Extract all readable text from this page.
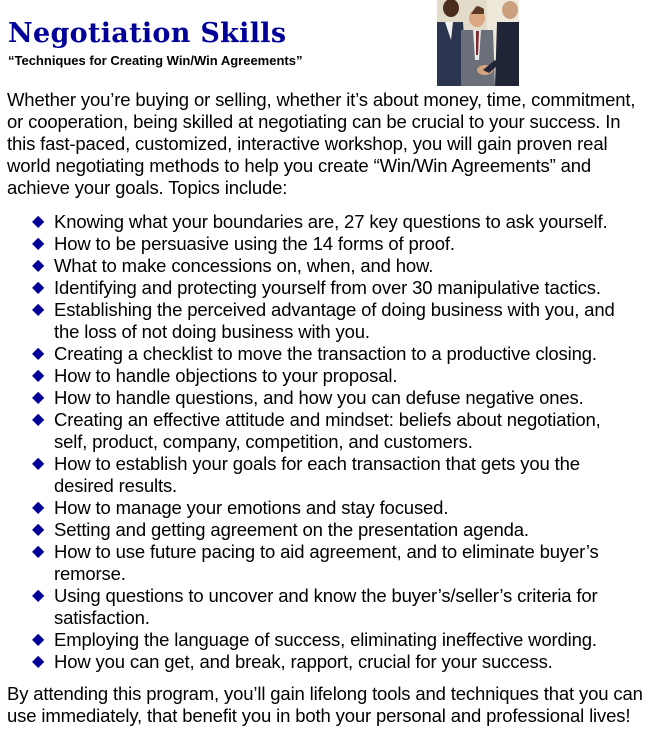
Negotiation Skills

“Techniques for Creating Win/Win Agreements”

Whether you’re buying or selling, whether it’s about money, time, commitment, or cooperation, being skilled at negotiating can be crucial to your success. In this fast-paced, customized, interactive workshop, you will gain proven real world negotiating methods to help you create “Win/Win Agreements” and achieve your goals. Topics include:

◆ Knowing what your boundaries are, 27 key questions to ask yourself.
◆ How to be persuasive using the 14 forms of proof.
◆ What to make concessions on, when, and how.
◆ Identifying and protecting yourself from over 30 manipulative tactics.
◆ Establishing the perceived advantage of doing business with you, and the loss of not doing business with you.
◆ Creating a checklist to move the transaction to a productive closing.
◆ How to handle objections to your proposal.
◆ How to handle questions, and how you can defuse negative ones.
◆ Creating an effective attitude and mindset: beliefs about negotiation, self, product, company, competition, and customers.
◆ How to establish your goals for each transaction that gets you the desired results.
◆ How to manage your emotions and stay focused.
◆ Setting and getting agreement on the presentation agenda.
◆ How to use future pacing to aid agreement, and to eliminate buyer’s remorse.
◆ Using questions to uncover and know the buyer’s/seller’s criteria for satisfaction.
◆ Employing the language of success, eliminating ineffective wording.
◆ How you can get, and break, rapport, crucial for your success.

By attending this program, you’ll gain lifelong tools and techniques that you can use immediately, that benefit you in both your personal and professional lives!
